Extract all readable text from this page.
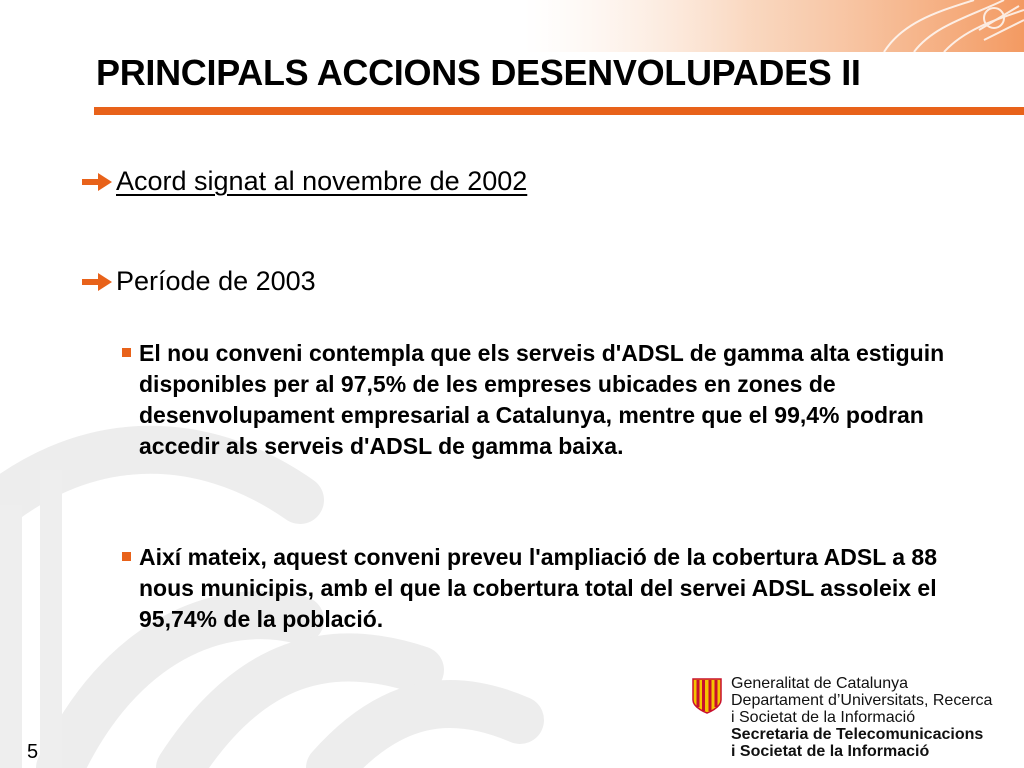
PRINCIPALS ACCIONS DESENVOLUPADES II
Acord signat al novembre de 2002
Període de 2003
El nou conveni contempla que els serveis d'ADSL de gamma alta estiguin disponibles per al 97,5% de les empreses ubicades en zones de desenvolupament empresarial a Catalunya, mentre que el 99,4% podran accedir als serveis d'ADSL de gamma baixa.
Així mateix, aquest conveni preveu l'ampliació de la cobertura ADSL a 88 nous municipis, amb el que la cobertura total del servei ADSL assoleix el 95,74% de la població.
5
Generalitat de Catalunya
Departament d’Universitats, Recerca
i Societat de la Informació
Secretaria de Telecomunicacions
i Societat de la Informació
